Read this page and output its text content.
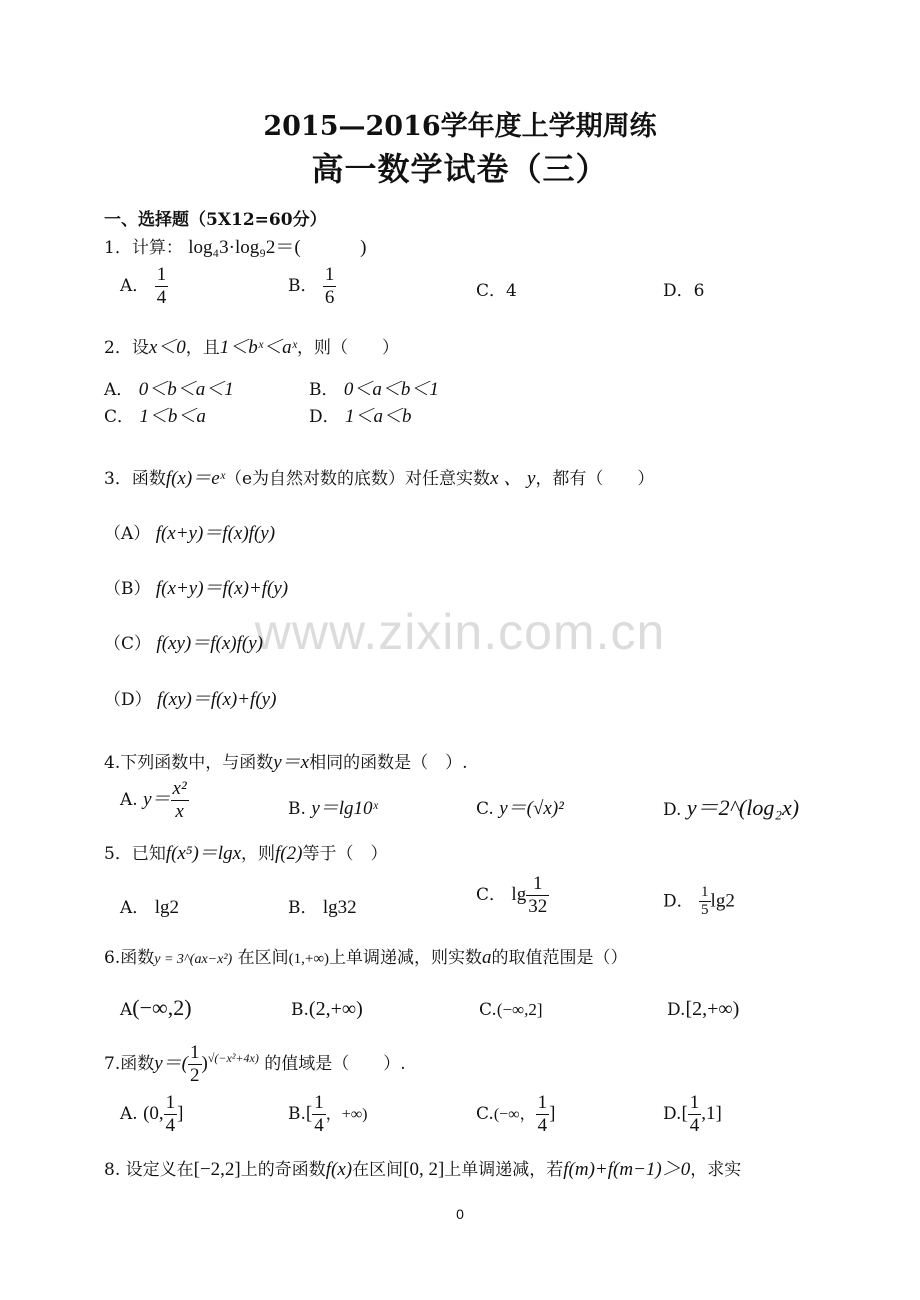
2015—2016学年度上学期周练
高一数学试卷（三）
一、选择题（5X12=60分）
www.zixin.com.cn
1．计算： log₄3·log₉2＝(	)
A． $\frac{1}{4}$	B． $\frac{1}{6}$	C．4	D．6
2．设x＜0，且1＜bˣ＜aˣ，则（　　）
A． 0＜b＜a＜1	B． 0＜a＜b＜1
C． 1＜b＜a	D． 1＜a＜b
3．函数f(x)＝eˣ（e为自然对数的底数）对任意实数x 、 y，都有（　　）
（A） f(x+y)＝f(x)f(y)
（B） f(x+y)＝f(x)+f(y)
（C） f(xy)＝f(x)f(y)
（D） f(xy)＝f(x)+f(y)
4.下列函数中，与函数y＝x相同的函数是（　）.
A. $y= \frac{\text{x²}}{x}$	B. y＝lg10ˣ	C. y＝(√x)²	D. y＝2^(log₂x)
5．已知f(x⁵)＝lgx，则f(2)等于（　）
A． lg2	B． lg32
C． $\lg \frac{1}{32}$	D． $\frac{1}{5} \lg 2$
6.函数y = 3^(ax−x²) 在区间(1,+∞)上单调递减，则实数a的取值范围是（）
A(−∞,2)	B.(2,+∞)	C.(−∞,2]	D.[2,+∞)
7.函数$y=( \frac{1}{2} )^{√(-x^2+4x)}$ 的值域是（　　）.
A. (0, $\frac{1}{4}$ ]	$B.[ \frac{1}{4}$ ，+∞)	C.(−∞， $\frac{1}{4}$ ]	$D.[ \frac{1}{4} ,1]$
8. 设定义在[−2,2]上的奇函数f(x)在区间[0, 2]上单调递减，若f(m)+f(m−1)＞0，求实
0
